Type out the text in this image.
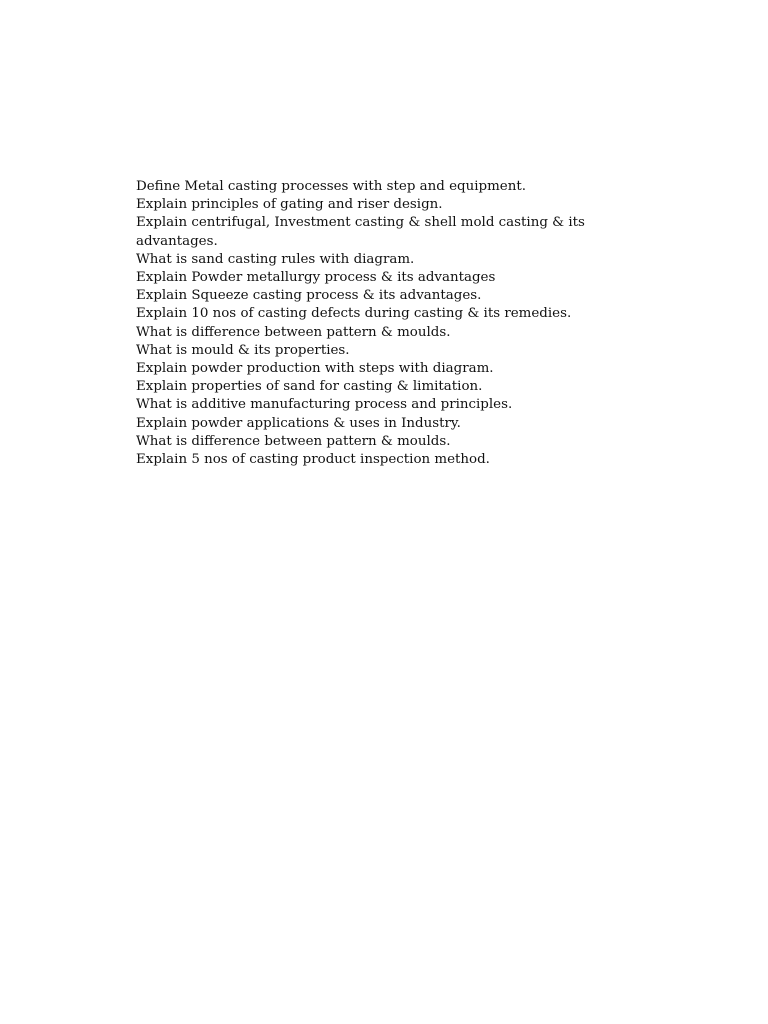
Define Metal casting processes with step and equipment.
Explain principles of gating and riser design.
Explain centrifugal, Investment casting & shell mold casting & its advantages.
What is sand casting rules with diagram.
Explain Powder metallurgy process & its advantages
Explain Squeeze casting process & its advantages.
Explain 10 nos of casting defects during casting & its remedies.
What is difference between pattern & moulds.
What is mould & its properties.
Explain powder production with steps with diagram.
Explain properties of sand for casting & limitation.
What is additive manufacturing process and principles.
Explain powder applications & uses in Industry.
What is difference between pattern & moulds.
Explain 5 nos of casting product inspection method.
